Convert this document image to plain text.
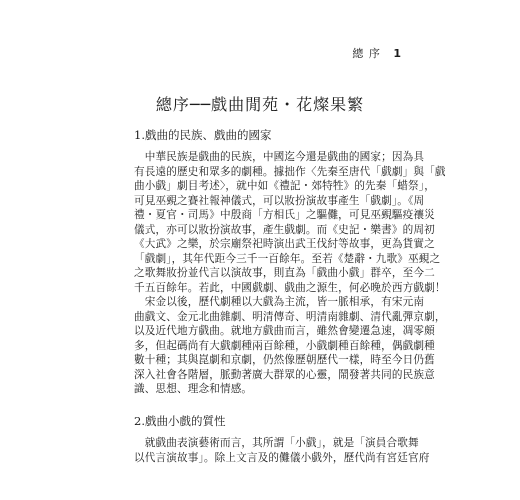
總 序 1
總序──戲曲閒苑・花燦果繁
1.戲曲的民族、戲曲的國家
　中華民族是戲曲的民族，中國迄今還是戲曲的國家；因為具
有長遠的歷史和眾多的劇種。據拙作〈先秦至唐代「戲劇」與「戲
曲小戲」劇目考述〉，就中如《禮記・郊特牲》的先秦「蜡祭」，
可見巫覡之賽社報神儀式，可以妝扮演故事產生「戲劇」。《周
禮・夏官・司馬》中殷商「方相氏」之驅儺，可見巫覡驅疫禳災
儀式，亦可以妝扮演故事，產生戲劇。而《史記・樂書》的周初
《大武》之樂，於宗廟祭祀時演出武王伐紂等故事，更為貨實之
「戲劇」，其年代距今三千一百餘年。至若《楚辭・九歌》巫覡之
之歌舞妝扮並代言以演故事，則直為「戲曲小戲」群卒，至今二
千五百餘年。若此，中國戲劇、戲曲之源生，何必晚於西方戲劇！
　宋金以後，歷代劇種以大戲為主流，皆一脈相承，有宋元南
曲戲文、金元北曲雜劇、明清傳奇、明清南雜劇、清代亂彈京劇，
以及近代地方戲曲。就地方戲曲而言，雖然會變遷急速，凋零頗
多，但起碼尚有大戲劇種兩百餘種，小戲劇種百餘種，偶戲劇種
數十種；其與崑劇和京劇，仍然像歷朝歷代一樣，時至今日仍舊
深入社會各階層，脈動著廣大群眾的心靈，鬧發著共同的民族意
識、思想、理念和情感。
2.戲曲小戲的質性
　就戲曲表演藝術而言，其所謂「小戲」，就是「演員合歌舞
以代言演故事」。除上文言及的儺儀小戲外，歷代尚有宮廷官府
